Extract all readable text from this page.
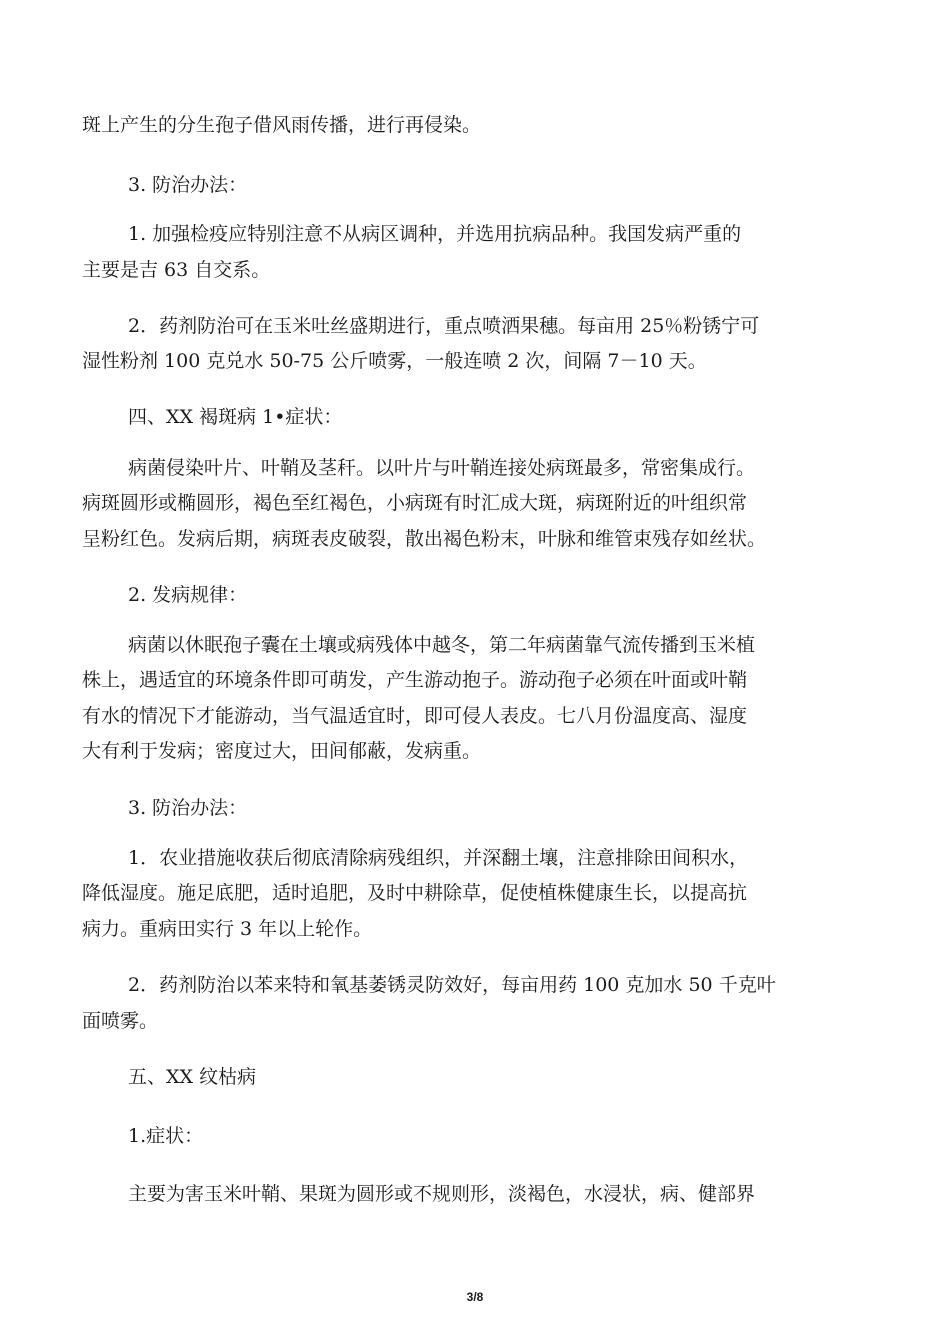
斑上产生的分生孢子借风雨传播，进行再侵染。
3. 防治办法：
1. 加强检疫应特别注意不从病区调种，并选用抗病品种。我国发病严重的
主要是吉 63 自交系。
2．药剂防治可在玉米吐丝盛期进行，重点喷洒果穗。每亩用 25％粉锈宁可
湿性粉剂 100 克兑水 50-75 公斤喷雾，一般连喷 2 次，间隔 7－10 天。
四、XX 褐斑病 1•症状：
病菌侵染叶片、叶鞘及茎秆。以叶片与叶鞘连接处病斑最多，常密集成行。
病斑圆形或椭圆形，褐色至红褐色，小病斑有时汇成大斑，病斑附近的叶组织常
呈粉红色。发病后期，病斑表皮破裂，散出褐色粉末，叶脉和维管束残存如丝状。
2. 发病规律：
病菌以休眠孢子囊在土壤或病残体中越冬，第二年病菌靠气流传播到玉米植
株上，遇适宜的环境条件即可萌发，产生游动抱子。游动孢子必须在叶面或叶鞘
有水的情况下才能游动，当气温适宜时，即可侵人表皮。七八月份温度高、湿度
大有利于发病；密度过大，田间郁蔽，发病重。
3. 防治办法：
1．农业措施收获后彻底清除病残组织，并深翻土壤，注意排除田间积水，
降低湿度。施足底肥，适时追肥，及时中耕除草，促使植株健康生长，以提高抗
病力。重病田实行 3 年以上轮作。
2．药剂防治以苯来特和氧基萎锈灵防效好，每亩用药 100 克加水 50 千克叶
面喷雾。
五、XX 纹枯病
1.症状：
主要为害玉米叶鞘、果斑为圆形或不规则形，淡褐色，水浸状，病、健部界
3/8
